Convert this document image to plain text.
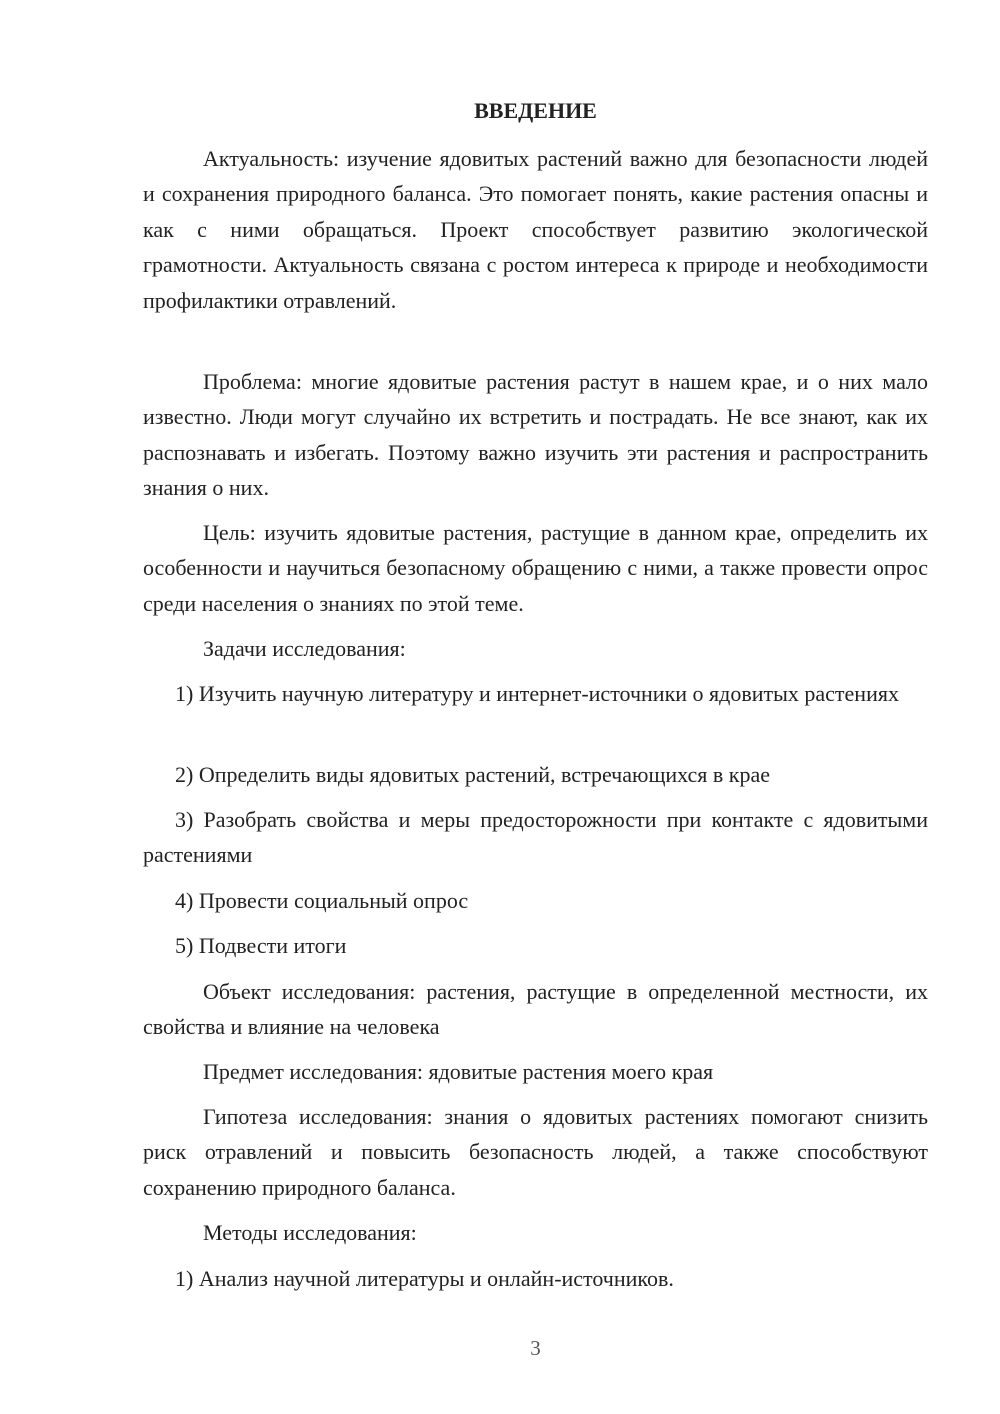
ВВЕДЕНИЕ

Актуальность: изучение ядовитых растений важно для безопасности людей и сохранения природного баланса. Это помогает понять, какие растения опасны и как с ними обращаться. Проект способствует развитию экологической грамотности. Актуальность связана с ростом интереса к природе и необходимости профилактики отравлений.

Проблема: многие ядовитые растения растут в нашем крае, и о них мало известно. Люди могут случайно их встретить и пострадать. Не все знают, как их распознавать и избегать. Поэтому важно изучить эти растения и распространить знания о них.

Цель: изучить ядовитые растения, растущие в данном крае, определить их особенности и научиться безопасному обращению с ними, а также провести опрос среди населения о знаниях по этой теме.

Задачи исследования:

1) Изучить научную литературу и интернет-источники о ядовитых растениях

2) Определить виды ядовитых растений, встречающихся в крае

3) Разобрать свойства и меры предосторожности при контакте с ядовитыми растениями

4) Провести социальный опрос

5) Подвести итоги

Объект исследования: растения, растущие в определенной местности, их свойства и влияние на человека

Предмет исследования: ядовитые растения моего края

Гипотеза исследования: знания о ядовитых растениях помогают снизить риск отравлений и повысить безопасность людей, а также способствуют сохранению природного баланса.

Методы исследования:

1) Анализ научной литературы и онлайн-источников.

3
